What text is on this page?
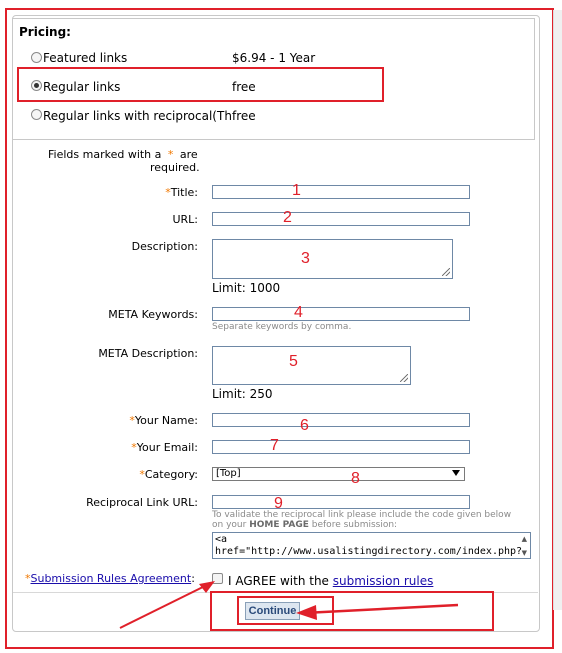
Pricing:
Featured links	$6.94 - 1 Year
Regular links	free
Regular links with reciprocal(Th free
Fields marked with a * are
required.
*Title:	1
URL:	2
Description:
3
Limit: 1000
META Keywords:	4
Separate keywords by comma.
META Description:	5
Limit: 250
*Your Name:	6
*Your Email:	7
*Category: [Top]	8
Reciprocal Link URL:	9
To validate the reciprocal link please include the code given below
on your HOME PAGE before submission:
<a
href="http://www.usalistingdirectory.com/index.php?
▲
▼
*Submission Rules Agreement:	I AGREE with the submission rules
Continue
